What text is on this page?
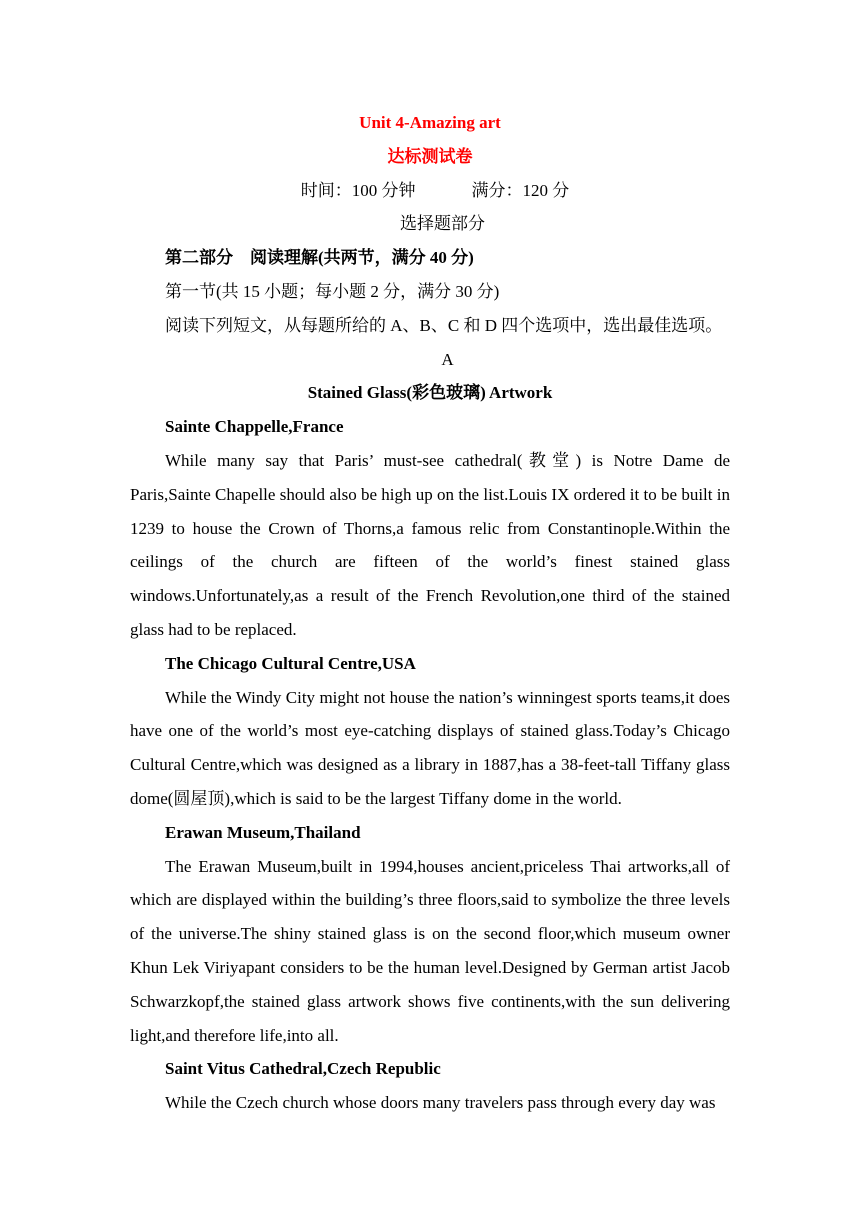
Unit 4-Amazing art

达标测试卷

时间：100 分钟	满分：120 分

选择题部分

第二部分　阅读理解(共两节，满分 40 分)

第一节(共 15 小题；每小题 2 分，满分 30 分)

阅读下列短文，从每题所给的 A、B、C 和 D 四个选项中，选出最佳选项。

A

Stained Glass(彩色玻璃) Artwork

Sainte Chappelle,France

While many say that Paris’ must-see cathedral(教堂) is Notre Dame de Paris,Sainte Chapelle should also be high up on the list.Louis IX ordered it to be built in 1239 to house the Crown of Thorns,a famous relic from Constantinople.Within the ceilings of the church are fifteen of the world’s finest stained glass windows.Unfortunately,as a result of the French Revolution,one third of the stained glass had to be replaced.

The Chicago Cultural Centre,USA

While the Windy City might not house the nation’s winningest sports teams,it does have one of the world’s most eye-catching displays of stained glass.Today’s Chicago Cultural Centre,which was designed as a library in 1887,has a 38-feet-tall Tiffany glass dome(圆屋顶),which is said to be the largest Tiffany dome in the world.

Erawan Museum,Thailand

The Erawan Museum,built in 1994,houses ancient,priceless Thai artworks,all of which are displayed within the building’s three floors,said to symbolize the three levels of the universe.The shiny stained glass is on the second floor,which museum owner Khun Lek Viriyapant considers to be the human level.Designed by German artist Jacob Schwarzkopf,the stained glass artwork shows five continents,with the sun delivering light,and therefore life,into all.

Saint Vitus Cathedral,Czech Republic

While the Czech church whose doors many travelers pass through every day was
